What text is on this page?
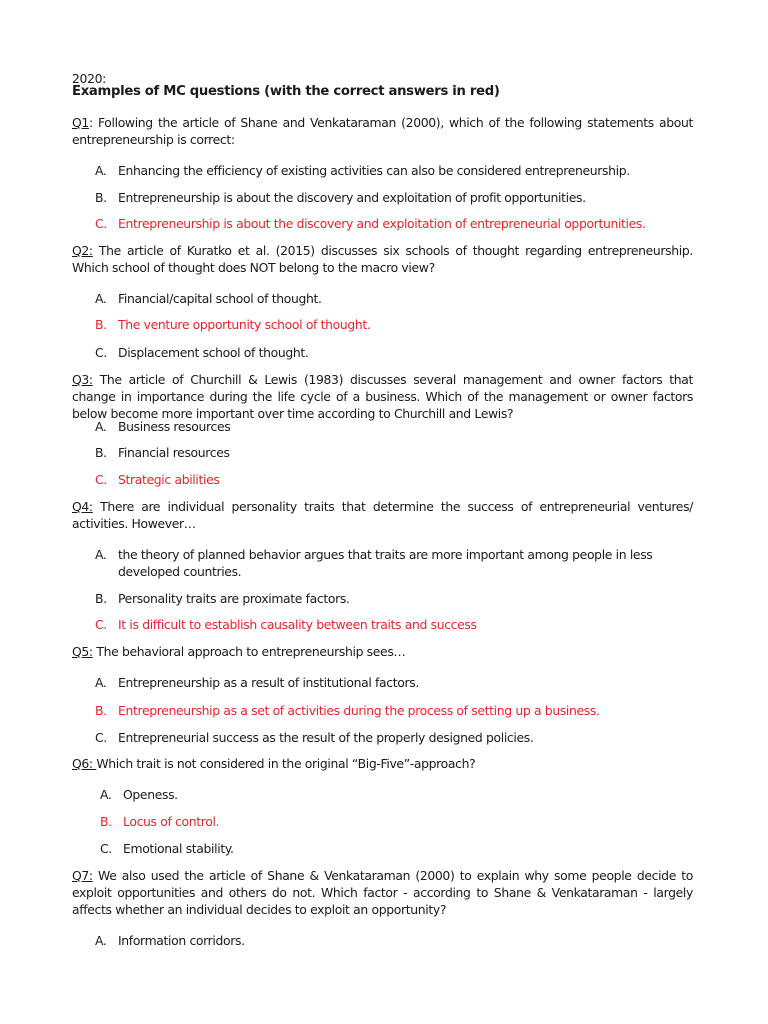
2020:
Examples of MC questions (with the correct answers in red)
Q1: Following the article of Shane and Venkataraman (2000), which of the following statements about entrepreneurship is correct:
A. Enhancing the efficiency of existing activities can also be considered entrepreneurship.
B. Entrepreneurship is about the discovery and exploitation of profit opportunities.
C. Entrepreneurship is about the discovery and exploitation of entrepreneurial opportunities.
Q2: The article of Kuratko et al. (2015) discusses six schools of thought regarding entrepreneurship. Which school of thought does NOT belong to the macro view?
A. Financial/capital school of thought.
B. The venture opportunity school of thought.
C. Displacement school of thought.
Q3: The article of Churchill & Lewis (1983) discusses several management and owner factors that change in importance during the life cycle of a business. Which of the management or owner factors below become more important over time according to Churchill and Lewis?
A. Business resources
B. Financial resources
C. Strategic abilities
Q4: There are individual personality traits that determine the success of entrepreneurial ventures/ activities. However…
A. the theory of planned behavior argues that traits are more important among people in less developed countries.
B. Personality traits are proximate factors.
C. It is difficult to establish causality between traits and success
Q5: The behavioral approach to entrepreneurship sees…
A. Entrepreneurship as a result of institutional factors.
B. Entrepreneurship as a set of activities during the process of setting up a business.
C. Entrepreneurial success as the result of the properly designed policies.
Q6: Which trait is not considered in the original “Big-Five”-approach?
A. Openess.
B. Locus of control.
C. Emotional stability.
Q7: We also used the article of Shane & Venkataraman (2000) to explain why some people decide to exploit opportunities and others do not. Which factor - according to Shane & Venkataraman - largely affects whether an individual decides to exploit an opportunity?
A. Information corridors.
